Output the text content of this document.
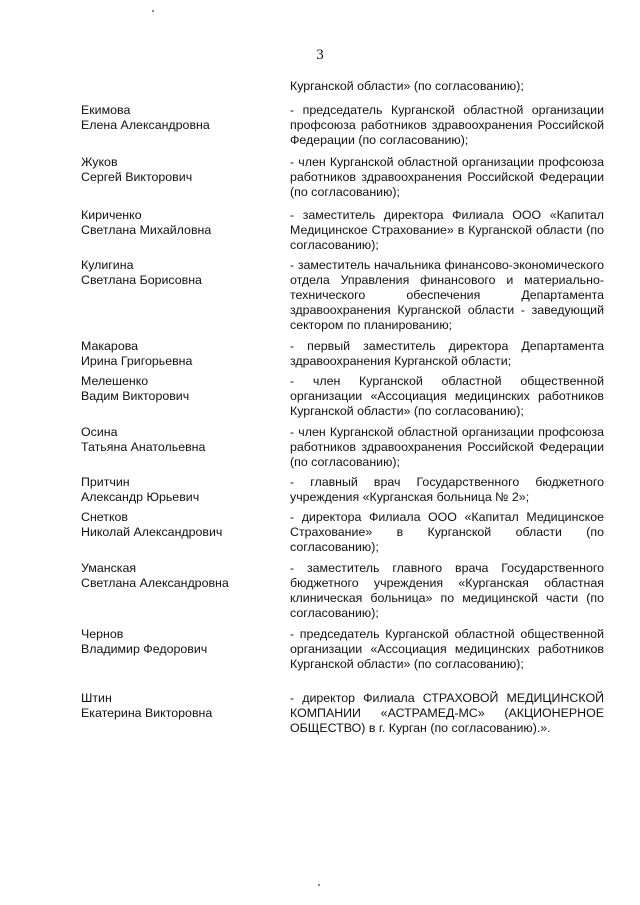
3
Курганской области» (по согласованию);
Екимова
Елена Александровна
- председатель Курганской областной организации профсоюза работников здравоохранения Российской Федерации (по согласованию);
Жуков
Сергей Викторович
- член Курганской областной организации профсоюза работников здравоохранения Российской Федерации (по согласованию);
Кириченко
Светлана Михайловна
- заместитель директора Филиала ООО «Капитал Медицинское Страхование» в Курганской области (по согласованию);
Кулигина
Светлана Борисовна
- заместитель начальника финансово-экономического отдела Управления финансового и материально-технического обеспечения Департамента здравоохранения Курганской области - заведующий сектором по планированию;
Макарова
Ирина Григорьевна
- первый заместитель директора Департамента здравоохранения Курганской области;
Мелешенко
Вадим Викторович
- член Курганской областной общественной организации «Ассоциация медицинских работников Курганской области» (по согласованию);
Осина
Татьяна Анатольевна
- член Курганской областной организации профсоюза работников здравоохранения Российской Федерации (по согласованию);
Притчин
Александр Юрьевич
- главный врач Государственного бюджетного учреждения «Курганская больница № 2»;
Снетков
Николай Александрович
- директора Филиала ООО «Капитал Медицинское Страхование» в Курганской области (по согласованию);
Уманская
Светлана Александровна
- заместитель главного врача Государственного бюджетного учреждения «Курганская областная клиническая больница» по медицинской части (по согласованию);
Чернов
Владимир Федорович
- председатель Курганской областной общественной организации «Ассоциация медицинских работников Курганской области» (по согласованию);
Штин
Екатерина Викторовна
- директор Филиала СТРАХОВОЙ МЕДИЦИНСКОЙ КОМПАНИИ «АСТРАМЕД-МС» (АКЦИОНЕРНОЕ ОБЩЕСТВО) в г. Курган (по согласованию).».
